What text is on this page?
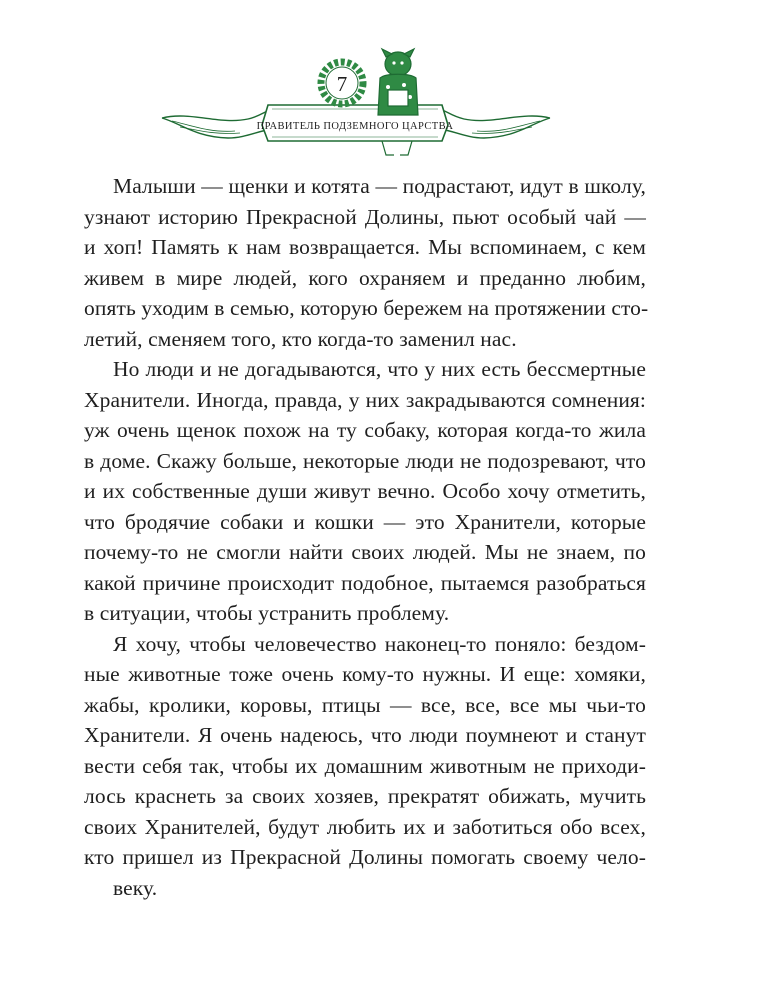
7
ПРАВИТЕЛЬ ПОДЗЕМНОГО ЦАРСТВА
Малыши — щенки и котята — подрастают, идут в школу,
узнают историю Прекрасной Долины, пьют особый чай —
и хоп! Память к нам возвращается. Мы вспоминаем, с кем
живем в мире людей, кого охраняем и преданно любим,
опять уходим в семью, которую бережем на протяжении сто-
летий, сменяем того, кто когда-то заменил нас.
Но люди и не догадываются, что у них есть бессмертные
Хранители. Иногда, правда, у них закрадываются сомнения:
уж очень щенок похож на ту собаку, которая когда-то жила
в доме. Скажу больше, некоторые люди не подозревают, что
и их собственные души живут вечно. Особо хочу отметить,
что бродячие собаки и кошки — это Хранители, которые
почему-то не смогли найти своих людей. Мы не знаем, по
какой причине происходит подобное, пытаемся разобраться
в ситуации, чтобы устранить проблему.
Я хочу, чтобы человечество наконец-то поняло: бездом-
ные животные тоже очень кому-то нужны. И еще: хомяки,
жабы, кролики, коровы, птицы — все, все, все мы чьи-то
Хранители. Я очень надеюсь, что люди поумнеют и станут
вести себя так, чтобы их домашним животным не приходи-
лось краснеть за своих хозяев, прекратят обижать, мучить
своих Хранителей, будут любить их и заботиться обо всех,
кто пришел из Прекрасной Долины помогать своему чело-
веку.
